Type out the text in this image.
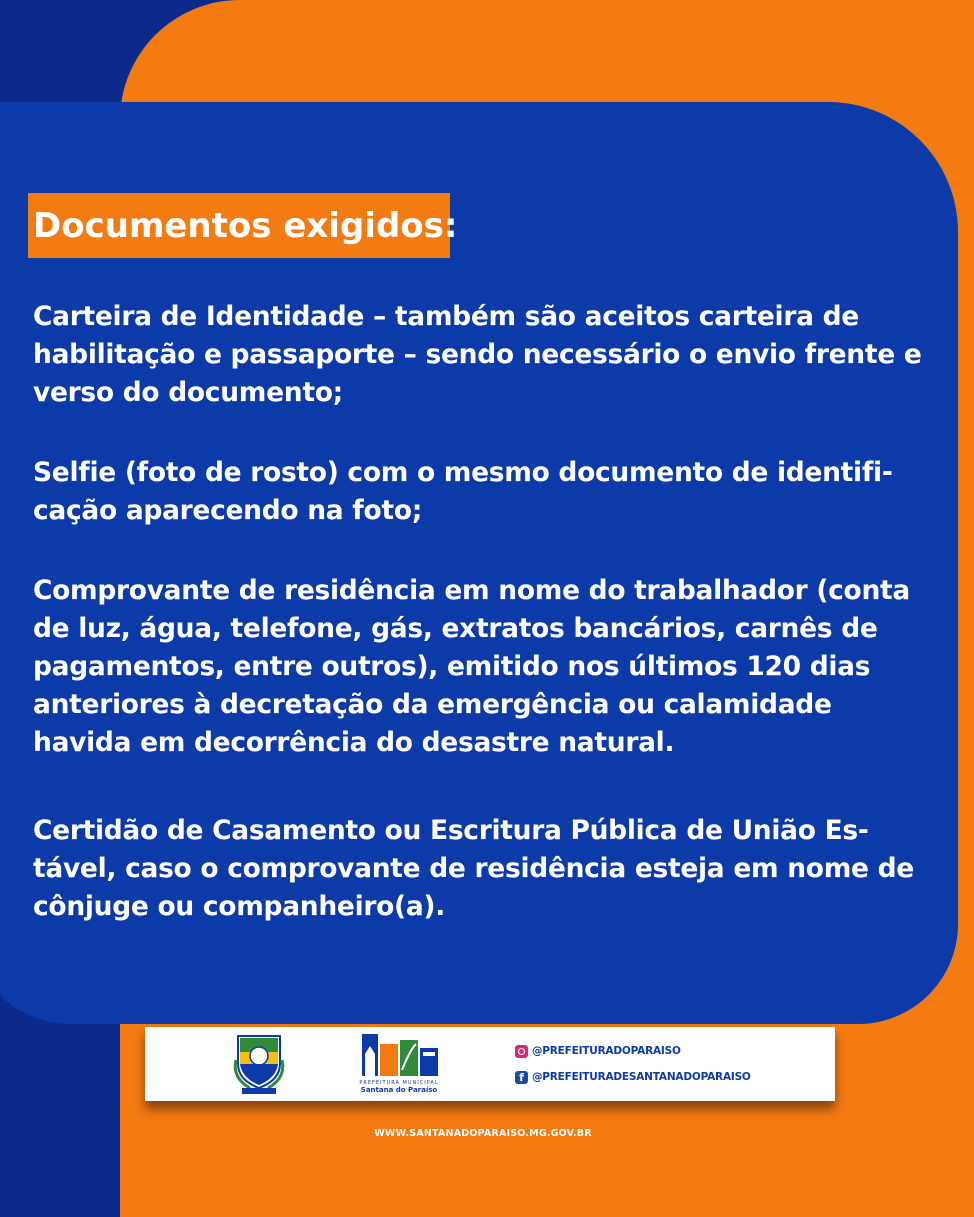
Documentos exigidos:

Carteira de Identidade – também são aceitos carteira de habilitação e passaporte – sendo necessário o envio frente e verso do documento;

Selfie (foto de rosto) com o mesmo documento de identifi-cação aparecendo na foto;

Comprovante de residência em nome do trabalhador (conta de luz, água, telefone, gás, extratos bancários, carnês de pagamentos, entre outros), emitido nos últimos 120 dias anteriores à decretação da emergência ou calamidade havida em decorrência do desastre natural.

Certidão de Casamento ou Escritura Pública de União Es-tável, caso o comprovante de residência esteja em nome de cônjuge ou companheiro(a).

PREFEITURA MUNICIPAL
Santana do Paraíso
@PREFEITURADOPARAISO
f @PREFEITURADESANTANADOPARAISO
WWW.SANTANADOPARAISO.MG.GOV.BR
